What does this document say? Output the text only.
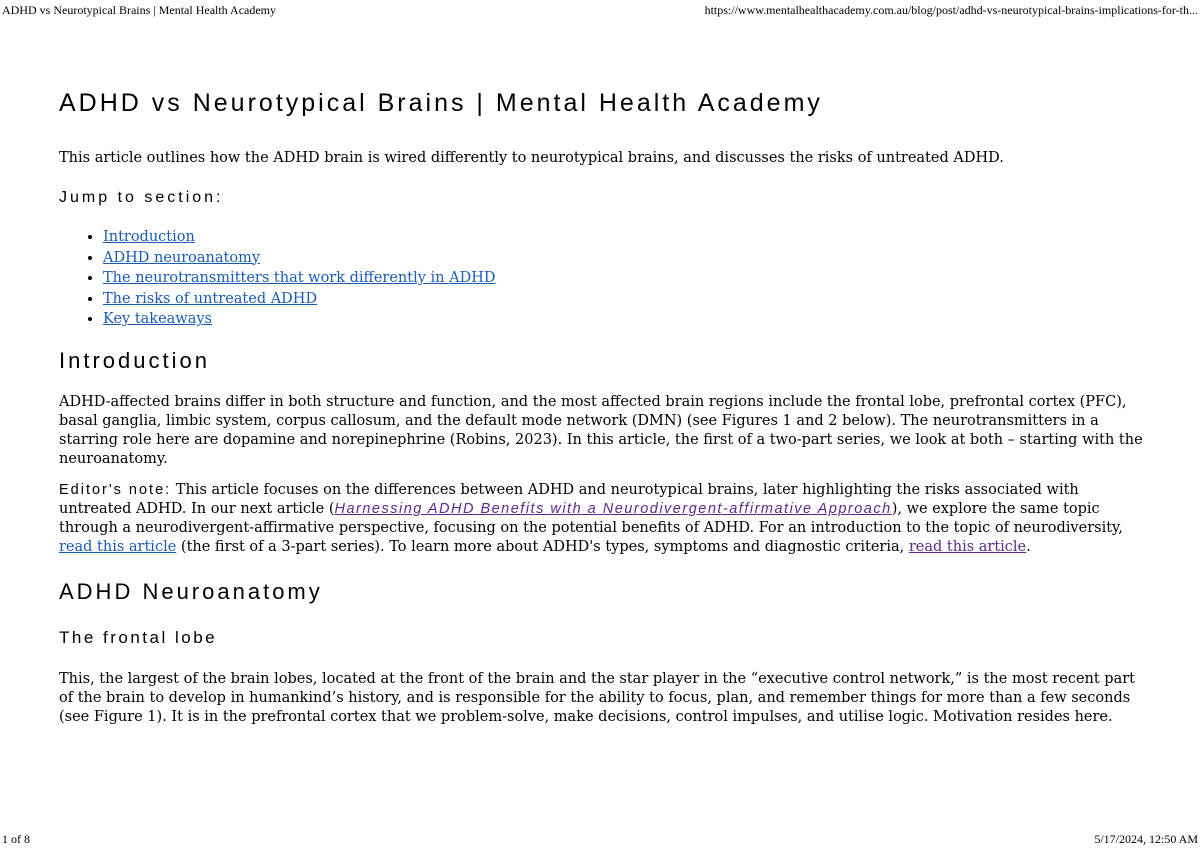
ADHD vs Neurotypical Brains | Mental Health Academy	https://www.mentalhealthacademy.com.au/blog/post/adhd-vs-neurotypical-brains-implications-for-th...
ADHD vs Neurotypical Brains | Mental Health Academy

This article outlines how the ADHD brain is wired differently to neurotypical brains, and discusses the risks of untreated ADHD.

Jump to section:
• Introduction
• ADHD neuroanatomy
• The neurotransmitters that work differently in ADHD
• The risks of untreated ADHD
• Key takeaways
Introduction

ADHD-affected brains differ in both structure and function, and the most affected brain regions include the frontal lobe, prefrontal cortex (PFC), basal ganglia, limbic system, corpus callosum, and the default mode network (DMN) (see Figures 1 and 2 below). The neurotransmitters in a starring role here are dopamine and norepinephrine (Robins, 2023). In this article, the first of a two-part series, we look at both – starting with the neuroanatomy.

Editor's note: This article focuses on the differences between ADHD and neurotypical brains, later highlighting the risks associated with untreated ADHD. In our next article (Harnessing ADHD Benefits with a Neurodivergent-affirmative Approach), we explore the same topic through a neurodivergent-affirmative perspective, focusing on the potential benefits of ADHD. For an introduction to the topic of neurodiversity, read this article (the first of a 3-part series). To learn more about ADHD's types, symptoms and diagnostic criteria, read this article.

ADHD Neuroanatomy
The frontal lobe

This, the largest of the brain lobes, located at the front of the brain and the star player in the “executive control network,” is the most recent part of the brain to develop in humankind’s history, and is responsible for the ability to focus, plan, and remember things for more than a few seconds (see Figure 1). It is in the prefrontal cortex that we problem-solve, make decisions, control impulses, and utilise logic. Motivation resides here.

1 of 8	5/17/2024, 12:50 AM
